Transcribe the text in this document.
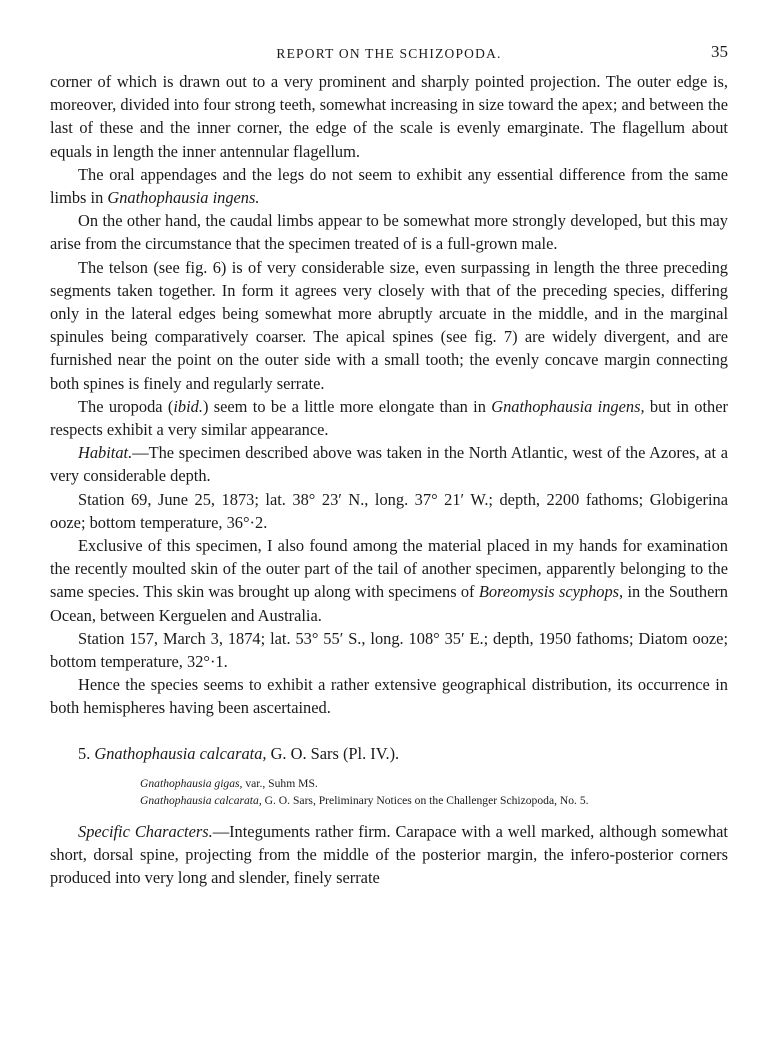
REPORT ON THE SCHIZOPODA.	35

corner of which is drawn out to a very prominent and sharply pointed projection. The outer edge is, moreover, divided into four strong teeth, somewhat increasing in size toward the apex; and between the last of these and the inner corner, the edge of the scale is evenly emarginate. The flagellum about equals in length the inner antennular flagellum.

The oral appendages and the legs do not seem to exhibit any essential difference from the same limbs in Gnathophausia ingens.

On the other hand, the caudal limbs appear to be somewhat more strongly developed, but this may arise from the circumstance that the specimen treated of is a full-grown male.

The telson (see fig. 6) is of very considerable size, even surpassing in length the three preceding segments taken together. In form it agrees very closely with that of the preceding species, differing only in the lateral edges being somewhat more abruptly arcuate in the middle, and in the marginal spinules being comparatively coarser. The apical spines (see fig. 7) are widely divergent, and are furnished near the point on the outer side with a small tooth; the evenly concave margin connecting both spines is finely and regularly serrate.

The uropoda (ibid.) seem to be a little more elongate than in Gnathophausia ingens, but in other respects exhibit a very similar appearance.

Habitat.—The specimen described above was taken in the North Atlantic, west of the Azores, at a very considerable depth.

Station 69, June 25, 1873; lat. 38° 23′ N., long. 37° 21′ W.; depth, 2200 fathoms; Globigerina ooze; bottom temperature, 36°·2.

Exclusive of this specimen, I also found among the material placed in my hands for examination the recently moulted skin of the outer part of the tail of another specimen, apparently belonging to the same species. This skin was brought up along with specimens of Boreomysis scyphops, in the Southern Ocean, between Kerguelen and Australia.

Station 157, March 3, 1874; lat. 53° 55′ S., long. 108° 35′ E.; depth, 1950 fathoms; Diatom ooze; bottom temperature, 32°·1.

Hence the species seems to exhibit a rather extensive geographical distribution, its occurrence in both hemispheres having been ascertained.

5. Gnathophausia calcarata, G. O. Sars (Pl. IV.).
Gnathophausia gigas, var., Suhm MS.
Gnathophausia calcarata, G. O. Sars, Preliminary Notices on the Challenger Schizopoda, No. 5.

Specific Characters.—Integuments rather firm. Carapace with a well marked, although somewhat short, dorsal spine, projecting from the middle of the posterior margin, the infero-posterior corners produced into very long and slender, finely serrate
